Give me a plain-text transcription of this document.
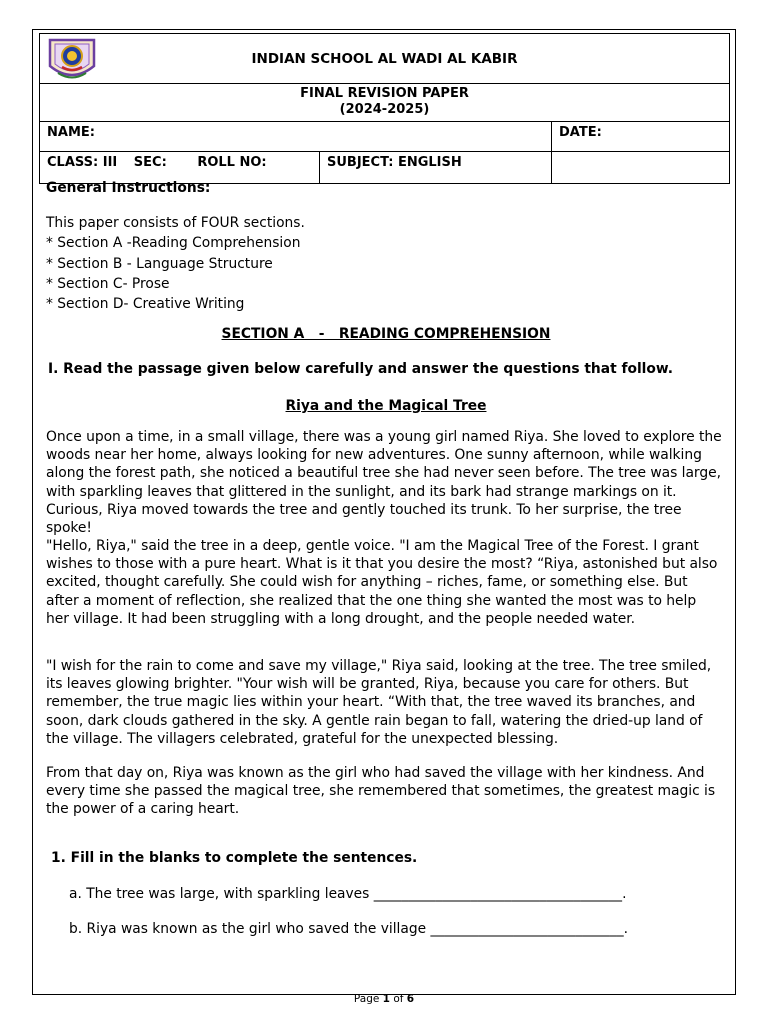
INDIAN SCHOOL AL WADI AL KABIR		

FINAL REVISION PAPER
(2024-2025)		

NAME:		DATE:
CLASS: III SEC: ROLL NO:	SUBJECT: ENGLISH	
General Instructions:
This paper consists of FOUR sections.
* Section A -Reading Comprehension
* Section B - Language Structure
* Section C- Prose
* Section D- Creative Writing
SECTION A   -   READING COMPREHENSION
I. Read the passage given below carefully and answer the questions that follow.
Riya and the Magical Tree
Once upon a time, in a small village, there was a young girl named Riya. She loved to explore the woods near her home, always looking for new adventures. One sunny afternoon, while walking along the forest path, she noticed a beautiful tree she had never seen before. The tree was large, with sparkling leaves that glittered in the sunlight, and its bark had strange markings on it. Curious, Riya moved towards the tree and gently touched its trunk. To her surprise, the tree spoke!
"Hello, Riya," said the tree in a deep, gentle voice. "I am the Magical Tree of the Forest. I grant wishes to those with a pure heart. What is it that you desire the most? “Riya, astonished but also excited, thought carefully. She could wish for anything – riches, fame, or something else. But after a moment of reflection, she realized that the one thing she wanted the most was to help her village. It had been struggling with a long drought, and the people needed water.
"I wish for the rain to come and save my village," Riya said, looking at the tree. The tree smiled, its leaves glowing brighter. "Your wish will be granted, Riya, because you care for others. But remember, the true magic lies within your heart. “With that, the tree waved its branches, and soon, dark clouds gathered in the sky. A gentle rain began to fall, watering the dried-up land of the village. The villagers celebrated, grateful for the unexpected blessing.
From that day on, Riya was known as the girl who had saved the village with her kindness. And every time she passed the magical tree, she remembered that sometimes, the greatest magic is the power of a caring heart.
1. Fill in the blanks to complete the sentences.
a. The tree was large, with sparkling leaves ____________________________________.
b. Riya was known as the girl who saved the village ____________________________.
Page 1 of 6
